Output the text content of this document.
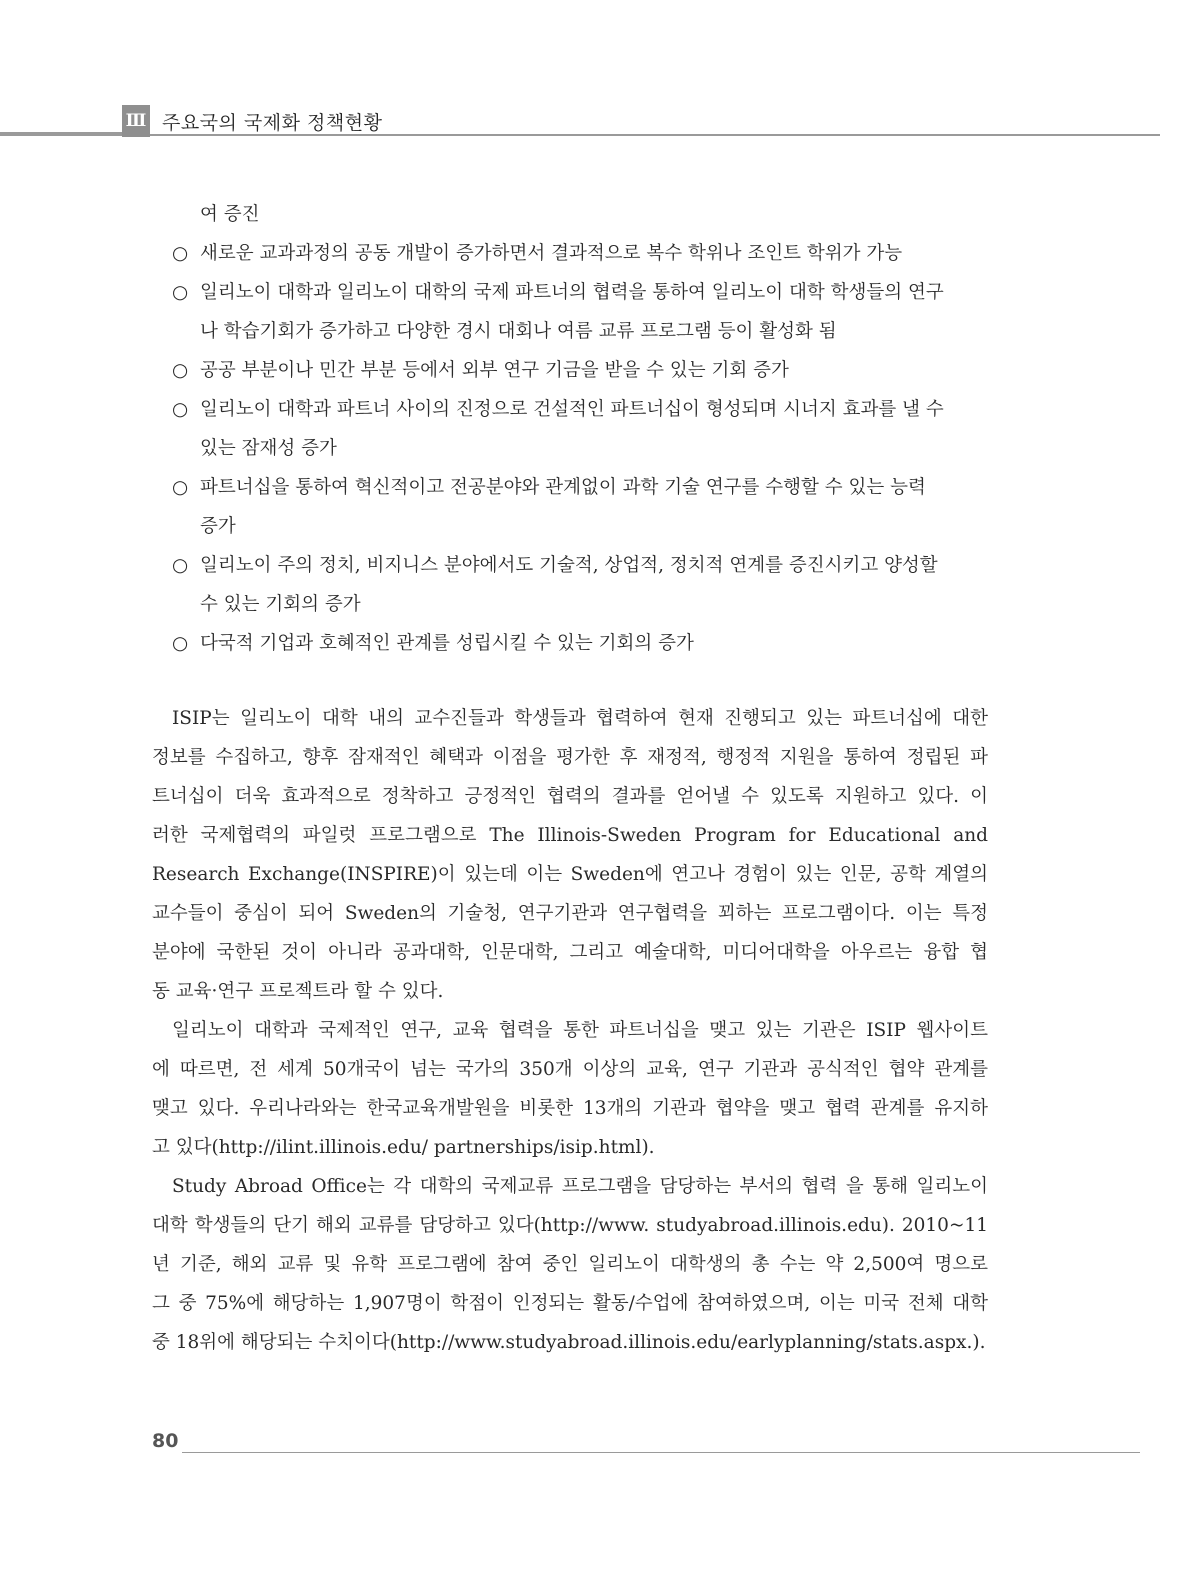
Ⅲ 주요국의 국제화 정책현황
여 증진
○ 새로운 교과과정의 공동 개발이 증가하면서 결과적으로 복수 학위나 조인트 학위가 가능
○ 일리노이 대학과 일리노이 대학의 국제 파트너의 협력을 통하여 일리노이 대학 학생들의 연구
나 학습기회가 증가하고 다양한 경시 대회나 여름 교류 프로그램 등이 활성화 됨
○ 공공 부분이나 민간 부분 등에서 외부 연구 기금을 받을 수 있는 기회 증가
○ 일리노이 대학과 파트너 사이의 진정으로 건설적인 파트너십이 형성되며 시너지 효과를 낼 수
있는 잠재성 증가
○ 파트너십을 통하여 혁신적이고 전공분야와 관계없이 과학 기술 연구를 수행할 수 있는 능력
증가
○ 일리노이 주의 정치, 비지니스 분야에서도 기술적, 상업적, 정치적 연계를 증진시키고 양성할
수 있는 기회의 증가
○ 다국적 기업과 호혜적인 관계를 성립시킬 수 있는 기회의 증가
ISIP는 일리노이 대학 내의 교수진들과 학생들과 협력하여 현재 진행되고 있는 파트너십에 대한
정보를 수집하고, 향후 잠재적인 혜택과 이점을 평가한 후 재정적, 행정적 지원을 통하여 정립된 파
트너십이 더욱 효과적으로 정착하고 긍정적인 협력의 결과를 얻어낼 수 있도록 지원하고 있다. 이
러한 국제협력의 파일럿 프로그램으로 The Illinois-Sweden Program for Educational and
Research Exchange(INSPIRE)이 있는데 이는 Sweden에 연고나 경험이 있는 인문, 공학 계열의
교수들이 중심이 되어 Sweden의 기술청, 연구기관과 연구협력을 꾀하는 프로그램이다. 이는 특정
분야에 국한된 것이 아니라 공과대학, 인문대학, 그리고 예술대학, 미디어대학을 아우르는 융합 협
동 교육·연구 프로젝트라 할 수 있다.
일리노이 대학과 국제적인 연구, 교육 협력을 통한 파트너십을 맺고 있는 기관은 ISIP 웹사이트
에 따르면, 전 세계 50개국이 넘는 국가의 350개 이상의 교육, 연구 기관과 공식적인 협약 관계를
맺고 있다. 우리나라와는 한국교육개발원을 비롯한 13개의 기관과 협약을 맺고 협력 관계를 유지하
고 있다(http://ilint.illinois.edu/ partnerships/isip.html).
Study Abroad Office는 각 대학의 국제교류 프로그램을 담당하는 부서의 협력 을 통해 일리노이
대학 학생들의 단기 해외 교류를 담당하고 있다(http://www. studyabroad.illinois.edu). 2010~11
년 기준, 해외 교류 및 유학 프로그램에 참여 중인 일리노이 대학생의 총 수는 약 2,500여 명으로
그 중 75%에 해당하는 1,907명이 학점이 인정되는 활동/수업에 참여하였으며, 이는 미국 전체 대학
중 18위에 해당되는 수치이다(http://www.studyabroad.illinois.edu/earlyplanning/stats.aspx.).
80
